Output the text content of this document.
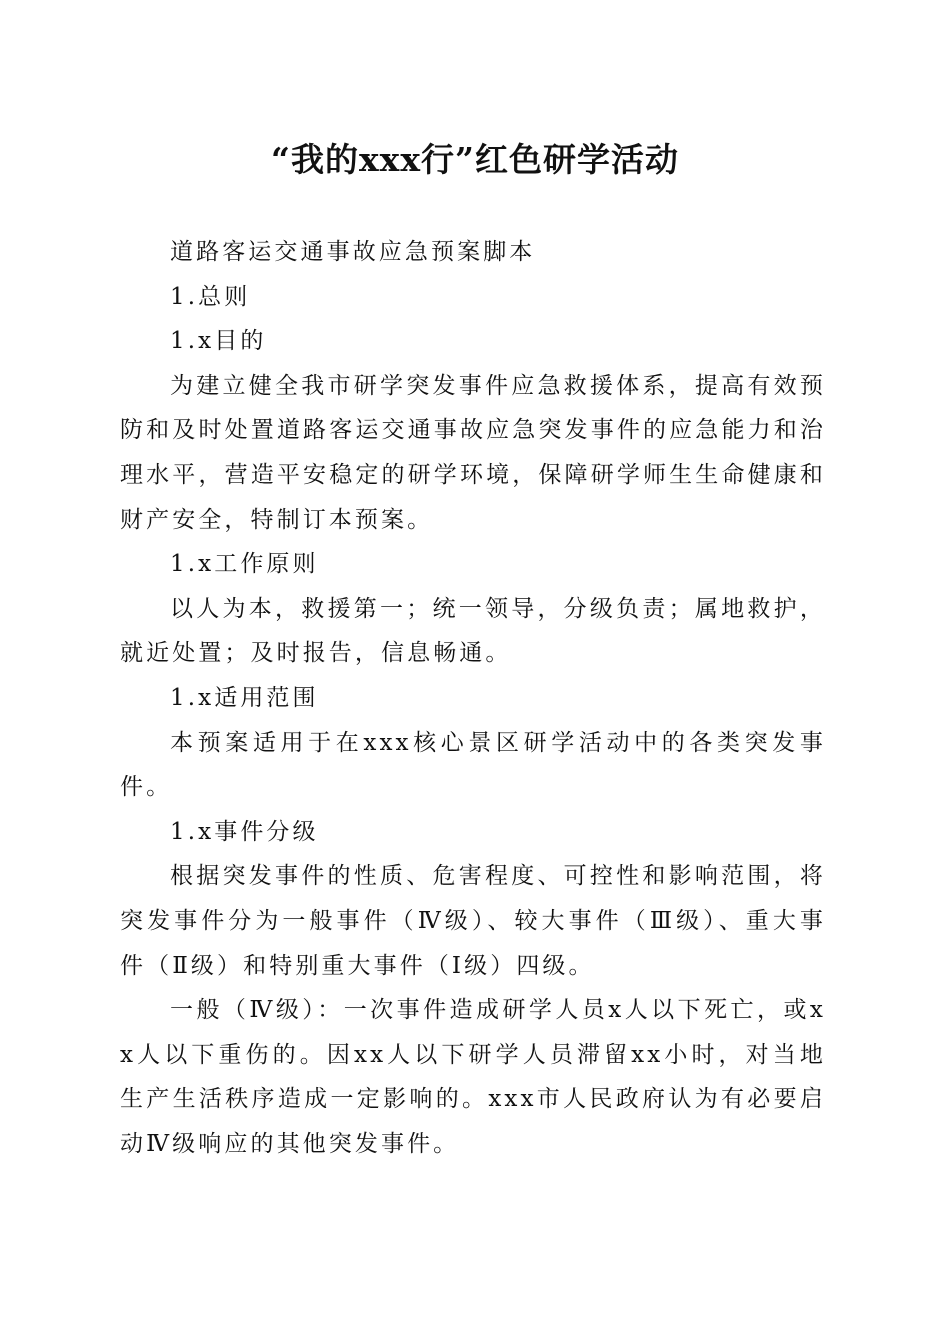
“我的xxx行”红色研学活动

道路客运交通事故应急预案脚本

1.总则

1.x目的

为建立健全我市研学突发事件应急救援体系，提高有效预防和及时处置道路客运交通事故应急突发事件的应急能力和治理水平，营造平安稳定的研学环境，保障研学师生生命健康和财产安全，特制订本预案。

1.x工作原则

以人为本，救援第一；统一领导，分级负责；属地救护，就近处置；及时报告，信息畅通。

1.x适用范围

本预案适用于在xxx核心景区研学活动中的各类突发事件。

1.x事件分级

根据突发事件的性质、危害程度、可控性和影响范围，将突发事件分为一般事件（Ⅳ级）、较大事件（Ⅲ级）、重大事件（Ⅱ级）和特别重大事件（Ⅰ级）四级。

一般（Ⅳ级）：一次事件造成研学人员x人以下死亡，或xx人以下重伤的。因xx人以下研学人员滞留xx小时，对当地生产生活秩序造成一定影响的。xxx市人民政府认为有必要启动Ⅳ级响应的其他突发事件。
